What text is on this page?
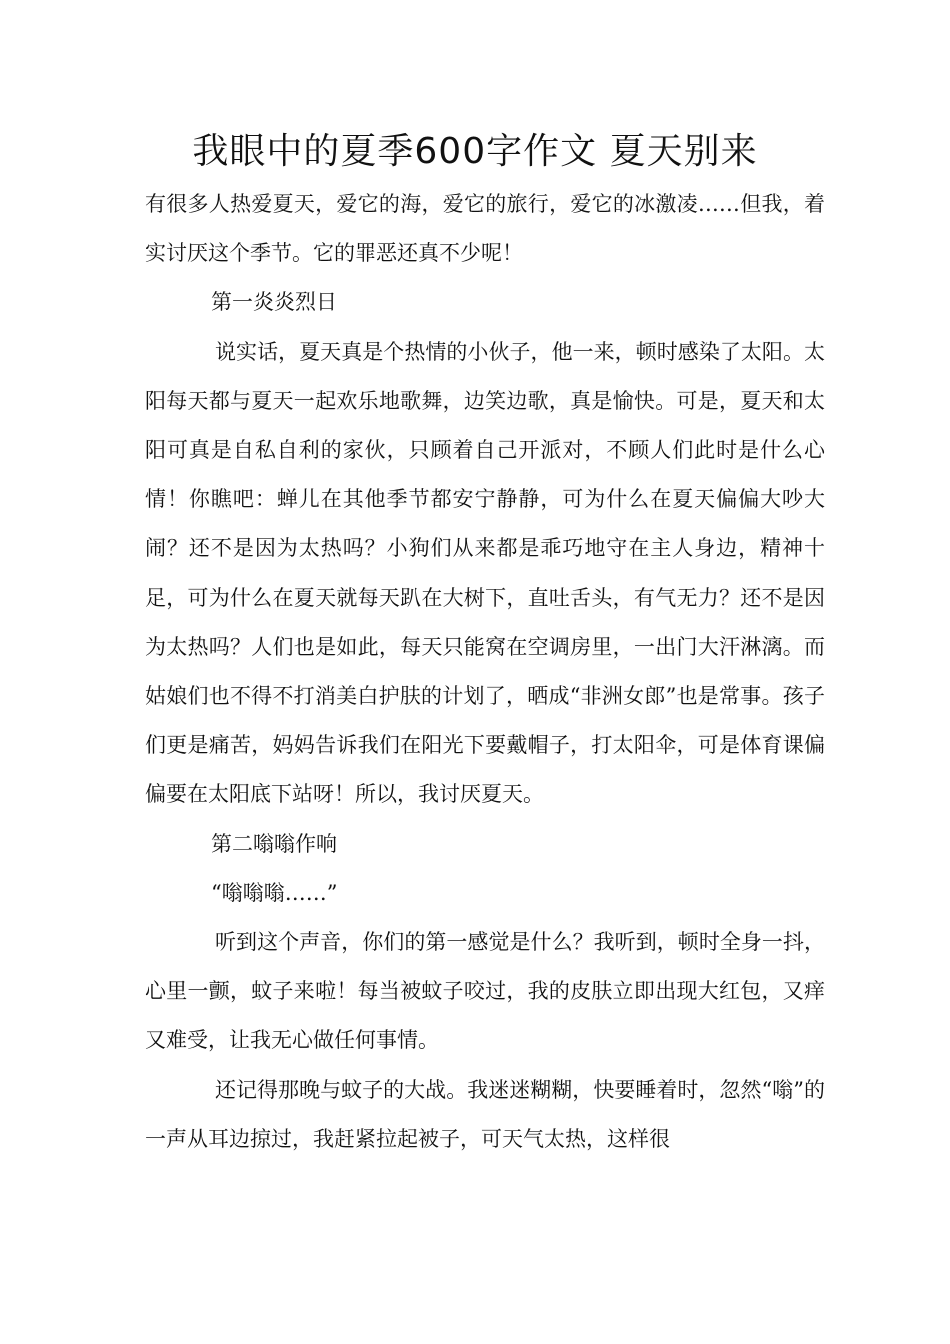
我眼中的夏季600字作文 夏天别来

有很多人热爱夏天，爱它的海，爱它的旅行，爱它的冰激凌……但我，着实讨厌这个季节。它的罪恶还真不少呢！

第一炎炎烈日

说实话，夏天真是个热情的小伙子，他一来，顿时感染了太阳。太阳每天都与夏天一起欢乐地歌舞，边笑边歌，真是愉快。可是，夏天和太阳可真是自私自利的家伙，只顾着自己开派对，不顾人们此时是什么心情！你瞧吧：蝉儿在其他季节都安宁静静，可为什么在夏天偏偏大吵大闹？还不是因为太热吗？小狗们从来都是乖巧地守在主人身边，精神十足，可为什么在夏天就每天趴在大树下，直吐舌头，有气无力？还不是因为太热吗？人们也是如此，每天只能窝在空调房里，一出门大汗淋漓。而姑娘们也不得不打消美白护肤的计划了，晒成“非洲女郎”也是常事。孩子们更是痛苦，妈妈告诉我们在阳光下要戴帽子，打太阳伞，可是体育课偏偏要在太阳底下站呀！所以，我讨厌夏天。

第二嗡嗡作响

“嗡嗡嗡……”

听到这个声音，你们的第一感觉是什么？我听到，顿时全身一抖，心里一颤，蚊子来啦！每当被蚊子咬过，我的皮肤立即出现大红包，又痒又难受，让我无心做任何事情。

还记得那晚与蚊子的大战。我迷迷糊糊，快要睡着时，忽然“嗡”的一声从耳边掠过，我赶紧拉起被子，可天气太热，这样很
